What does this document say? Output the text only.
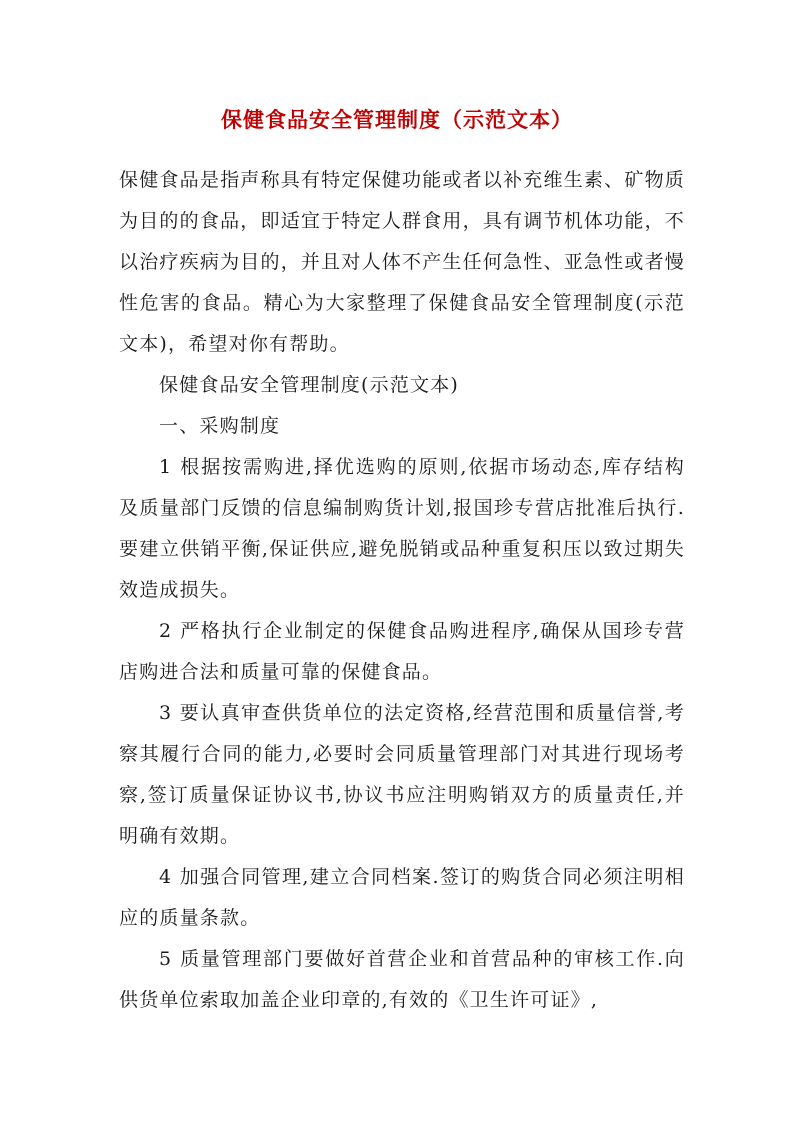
保健食品安全管理制度（示范文本）

保健食品是指声称具有特定保健功能或者以补充维生素、矿物质为目的的食品，即适宜于特定人群食用，具有调节机体功能，不以治疗疾病为目的，并且对人体不产生任何急性、亚急性或者慢性危害的食品。精心为大家整理了保健食品安全管理制度(示范文本)，希望对你有帮助。

保健食品安全管理制度(示范文本)

一、采购制度

1 根据按需购进,择优选购的原则,依据市场动态,库存结构及质量部门反馈的信息编制购货计划,报国珍专营店批准后执行.要建立供销平衡,保证供应,避免脱销或品种重复积压以致过期失效造成损失。

2 严格执行企业制定的保健食品购进程序,确保从国珍专营店购进合法和质量可靠的保健食品。

3 要认真审查供货单位的法定资格,经营范围和质量信誉,考察其履行合同的能力,必要时会同质量管理部门对其进行现场考察,签订质量保证协议书,协议书应注明购销双方的质量责任,并明确有效期。

4 加强合同管理,建立合同档案.签订的购货合同必须注明相应的质量条款。

5 质量管理部门要做好首营企业和首营品种的审核工作.向供货单位索取加盖企业印章的,有效的《卫生许可证》,
